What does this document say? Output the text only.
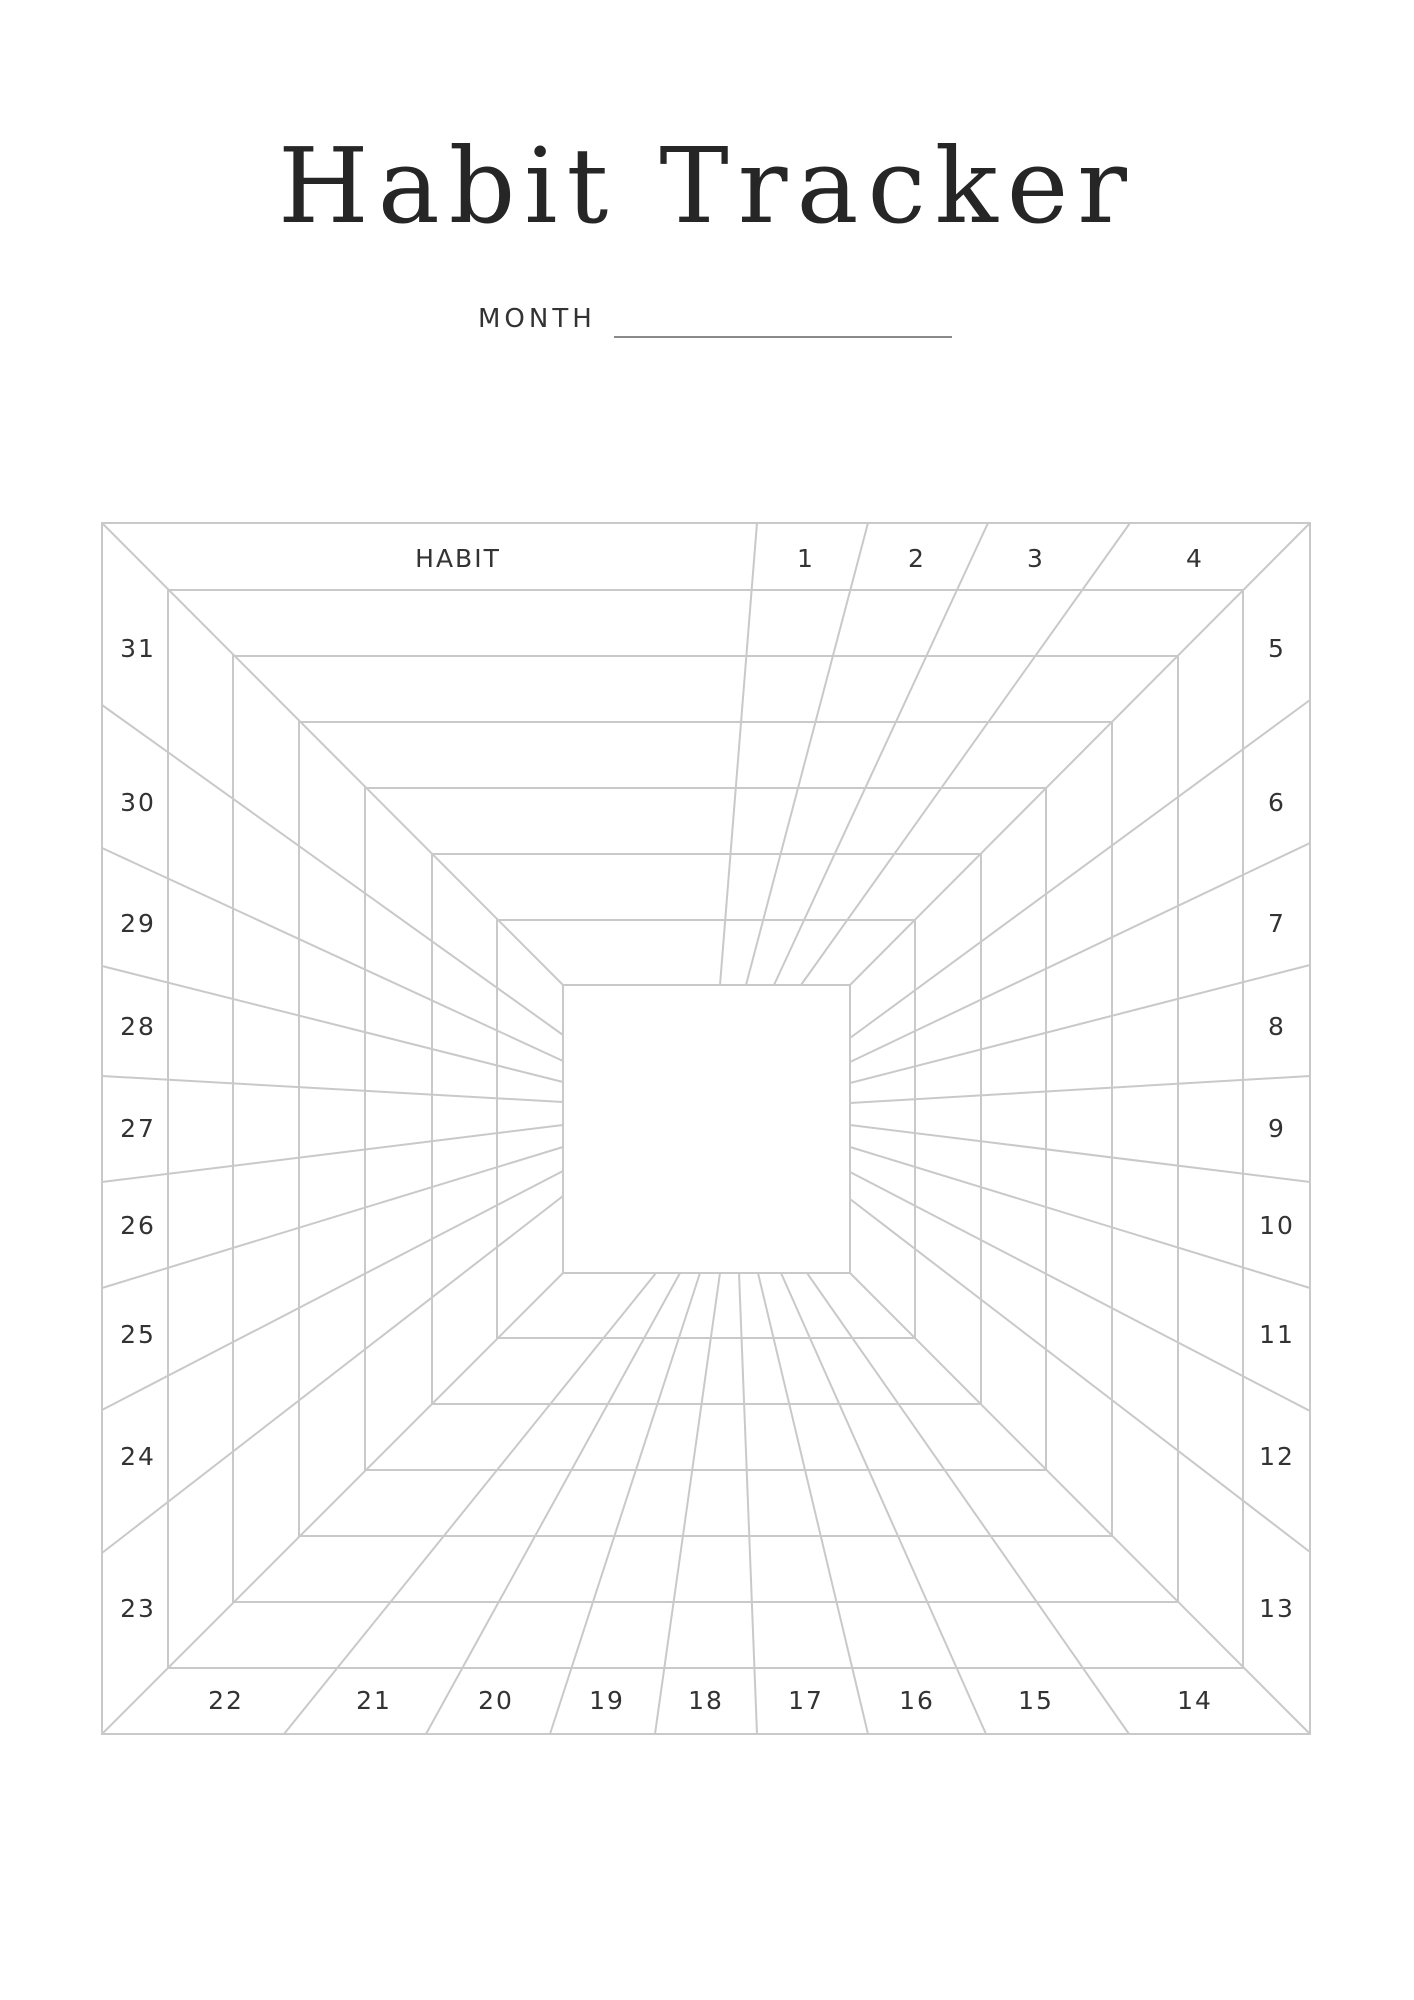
Habit Tracker
MONTH
HABIT	1	2	3	4
5
6
7
8
9
10
11
12
13
14
15
16
17
18
19
20
21
22
23
24
25
26
27
28
29
30
31
